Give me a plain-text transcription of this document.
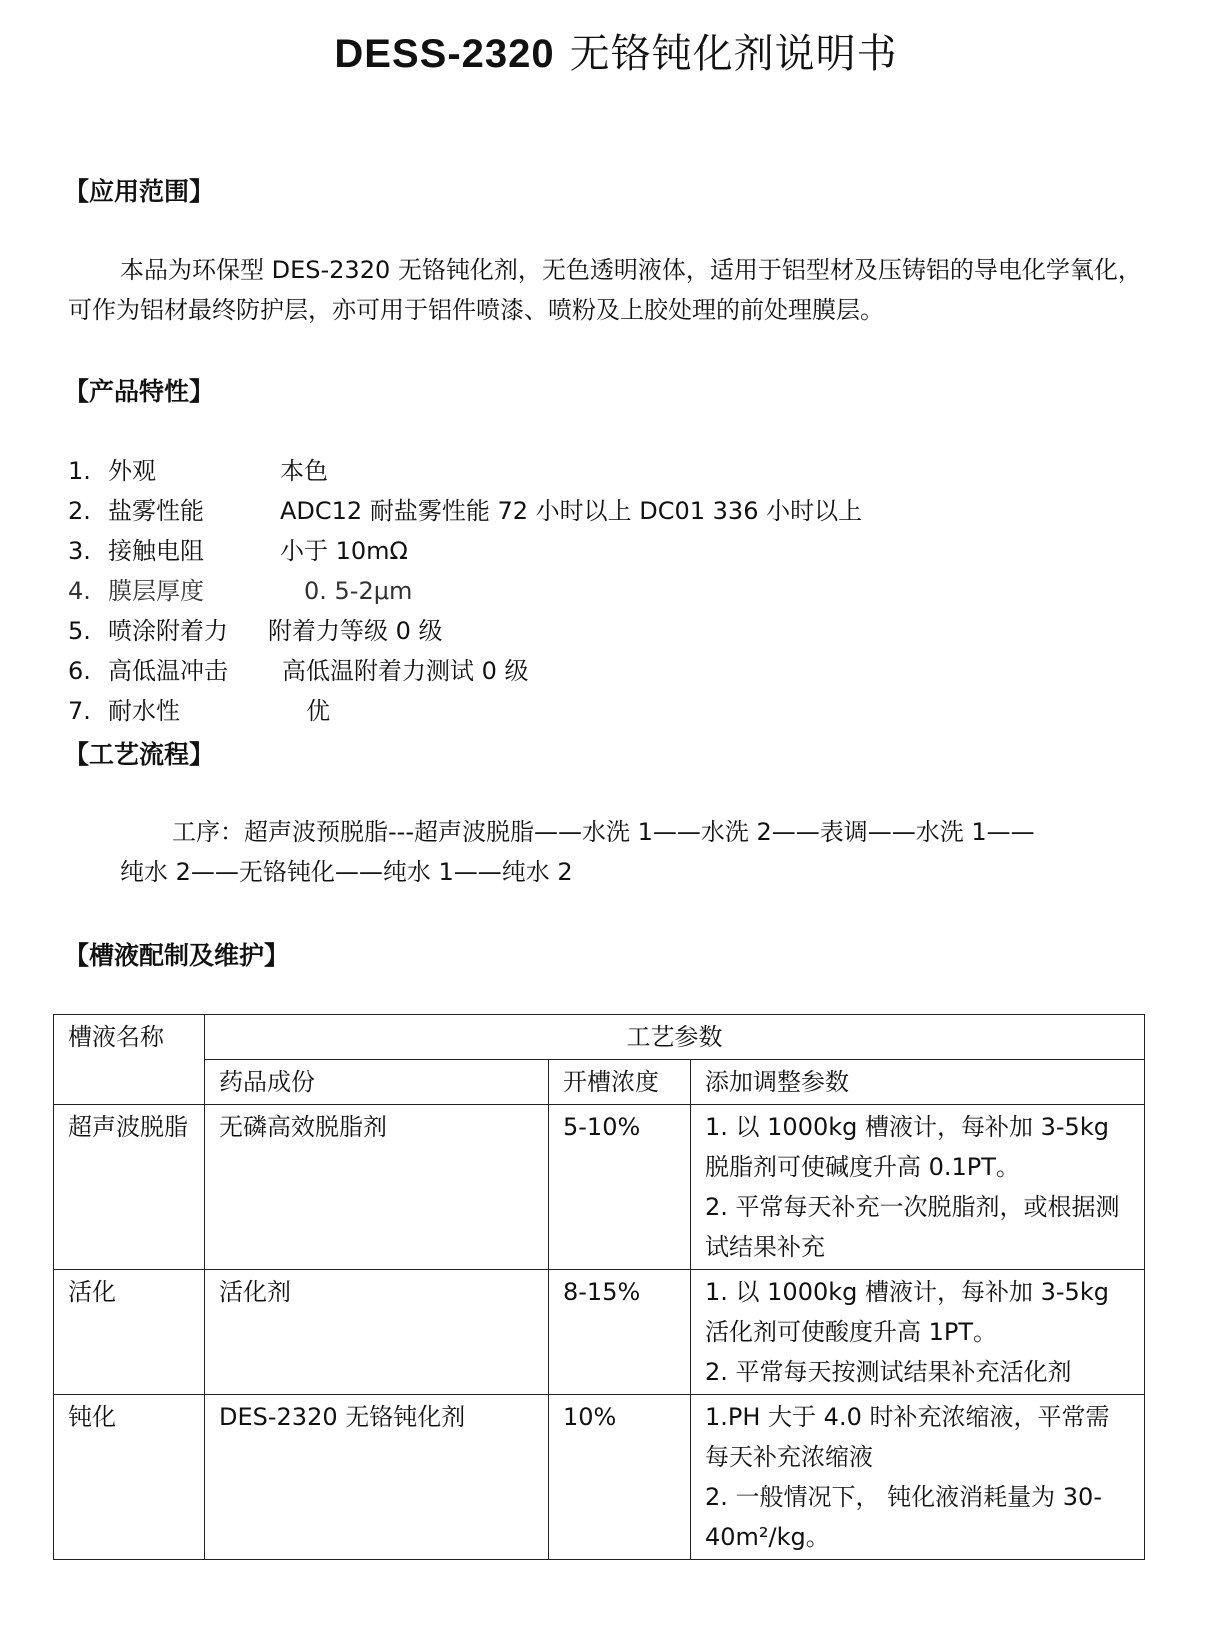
DESS-2320 无铬钝化剂说明书
【应用范围】
本品为环保型 DES-2320 无铬钝化剂，无色透明液体，适用于铝型材及压铸铝的导电化学氧化，可作为铝材最终防护层，亦可用于铝件喷漆、喷粉及上胶处理的前处理膜层。
【产品特性】
1. 外观	本色
2. 盐雾性能	ADC12 耐盐雾性能 72 小时以上 DC01 336 小时以上
3. 接触电阻	小于 10mΩ
4. 膜层厚度	0. 5-2μm
5. 喷涂附着力 附着力等级 0 级
6. 高低温冲击 高低温附着力测试 0 级
7. 耐水性	优
【工艺流程】
工序：超声波预脱脂---超声波脱脂——水洗 1——水洗 2——表调——水洗 1——
纯水 2——无铬钝化——纯水 1——纯水 2
【槽液配制及维护】
槽液名称	工艺参数		
	药品成份	开槽浓度	添加调整参数
超声波脱脂	无磷高效脱脂剂	5-10%	1. 以 1000kg 槽液计，每补加 3-5kg 脱脂剂可使碱度升高 0.1PT。

2. 平常每天补充一次脱脂剂，或根据测试结果补充

活化	活化剂	8-15%	1. 以 1000kg 槽液计，每补加 3-5kg 活化剂可使酸度升高 1PT。

2. 平常每天按测试结果补充活化剂

钝化	DES-2320 无铬钝化剂	10%	1.PH 大于 4.0 时补充浓缩液，平常需每天补充浓缩液

2. 一般情况下， 钝化液消耗量为 30-40m²/kg。
